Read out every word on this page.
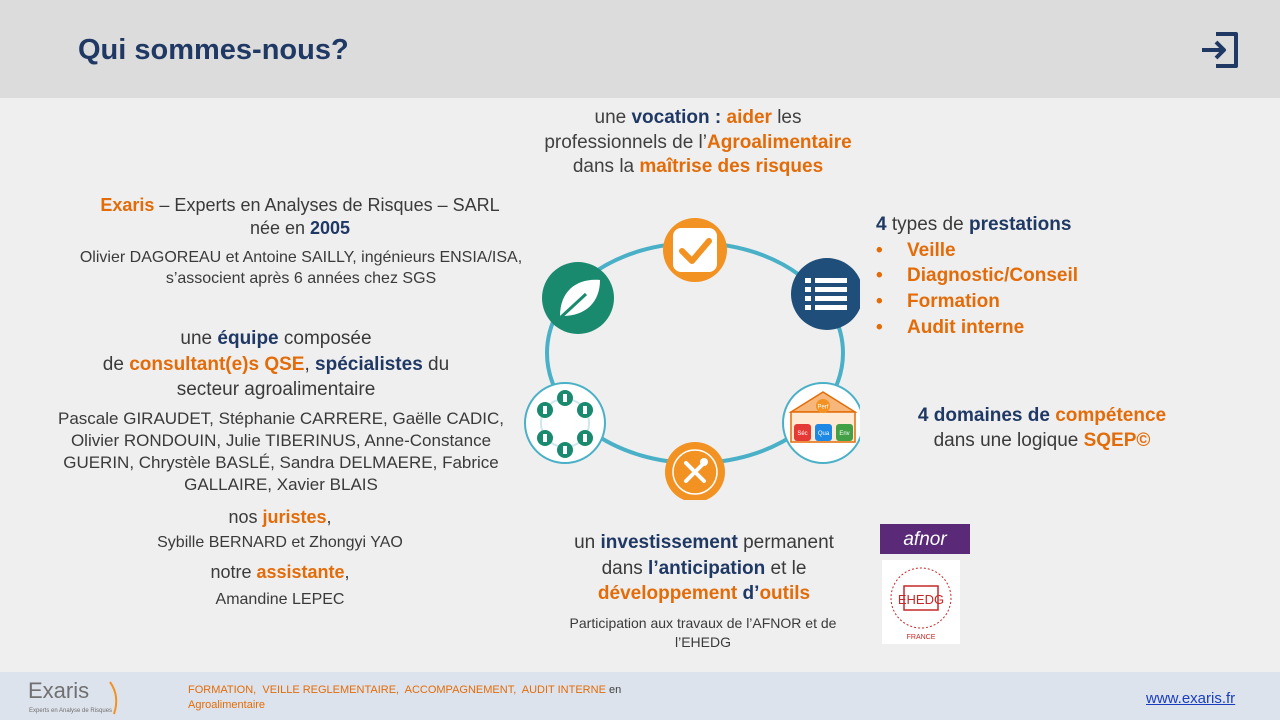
Qui sommes-nous?
une vocation : aider les
professionnels de l’Agroalimentaire
dans la maîtrise des risques
Exaris – Experts en Analyses de Risques – SARL
née en 2005
Olivier DAGOREAU et Antoine SAILLY, ingénieurs ENSIA/ISA, s’associent après 6 années chez SGS
une équipe composée
de consultant(e)s QSE, spécialistes du
secteur agroalimentaire
Pascale GIRAUDET, Stéphanie CARRERE, Gaëlle CADIC, Olivier RONDOUIN, Julie TIBERINUS, Anne-Constance GUERIN, Chrystèle BASLÉ, Sandra DELMAERE, Fabrice GALLAIRE, Xavier BLAIS
nos juristes,
Sybille BERNARD et Zhongyi YAO
notre assistante,
Amandine LEPEC
4 types de prestations
• Veille
• Diagnostic/Conseil
• Formation
• Audit interne
4 domaines de compétence
dans une logique SQEP©
un investissement permanent
dans l’anticipation et le
développement d’outils
Participation aux travaux de l’AFNOR et de l’EHEDG
Perf
Séc Qua Env
afnor
EHEDG
FRANCE
Exaris
Experts en Analyse de Risques
FORMATION, VEILLE REGLEMENTAIRE, ACCOMPAGNEMENT, AUDIT INTERNE en
Agroalimentaire	www.exaris.fr
